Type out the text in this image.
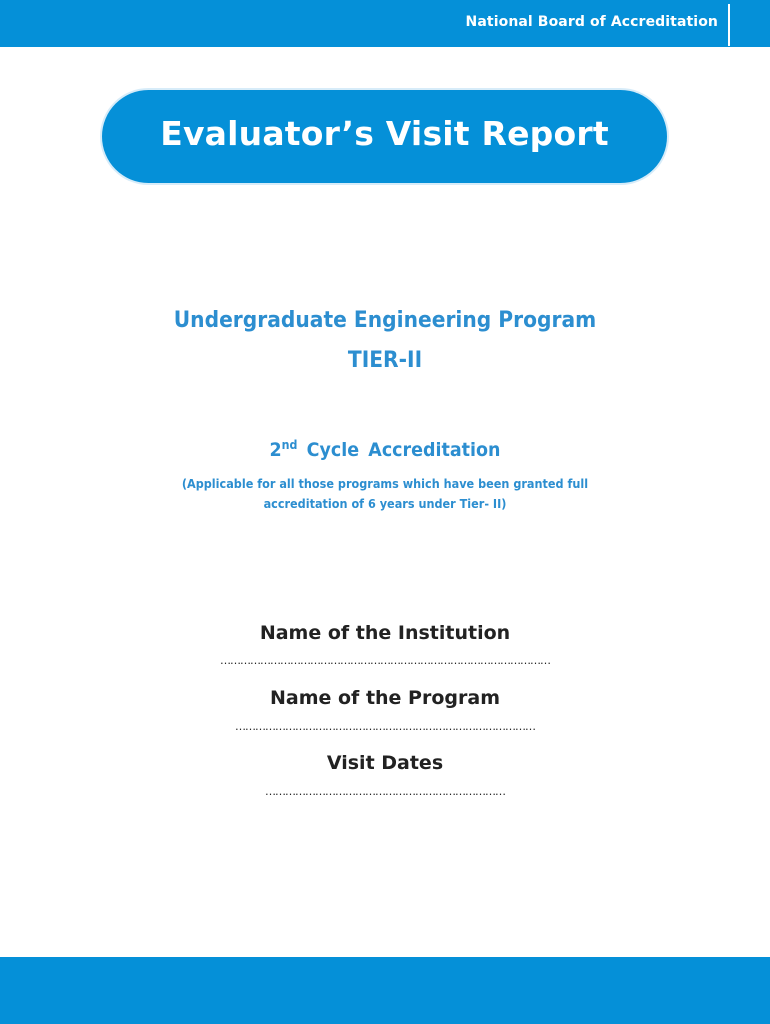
National Board of Accreditation
Evaluator’s Visit Report
Undergraduate Engineering Program
TIER-II
2nd Cycle Accreditation
(Applicable for all those programs which have been granted full
accreditation of 6 years under Tier- II)
Name of the Institution
………………………………………………………………………………………
Name of the Program
………………………………………………………………………………
Visit Dates
………………………………………………………………
